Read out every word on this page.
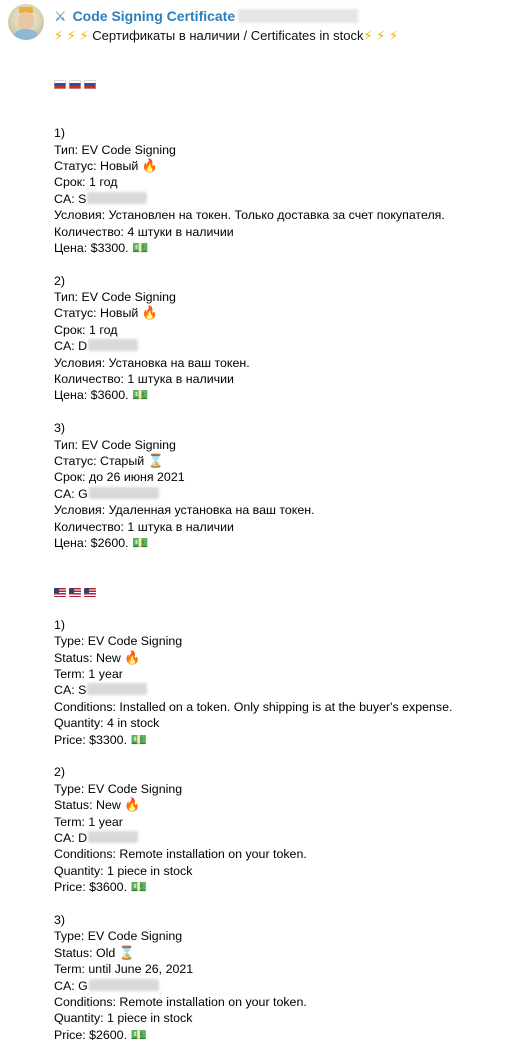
⚔ Code Signing Certificate
⚡ ⚡ ⚡ Сертификаты в наличии / Certificates in stock⚡ ⚡ ⚡
1)
Тип: EV Code Signing
Статус: Новый 🔥
Срок: 1 год
CA: S
Условия: Установлен на токен. Только доставка за счет покупателя.
Количество: 4 штуки в наличии
Цена: $3300. 💵
2)
Тип: EV Code Signing
Статус: Новый 🔥
Срок: 1 год
CA: D
Условия: Установка на ваш токен.
Количество: 1 штука в наличии
Цена: $3600. 💵
3)
Тип: EV Code Signing
Статус: Старый ⌛
Срок: до 26 июня 2021
CA: G
Условия: Удаленная установка на ваш токен.
Количество: 1 штука в наличии
Цена: $2600. 💵
1)
Type: EV Code Signing
Status: New 🔥
Term: 1 year
CA: S
Conditions: Installed on a token. Only shipping is at the buyer's expense.
Quantity: 4 in stock
Price: $3300. 💵
2)
Type: EV Code Signing
Status: New 🔥
Term: 1 year
CA: D
Conditions: Remote installation on your token.
Quantity: 1 piece in stock
Price: $3600. 💵
3)
Type: EV Code Signing
Status: Old ⌛
Term: until June 26, 2021
CA: G
Conditions: Remote installation on your token.
Quantity: 1 piece in stock
Price: $2600. 💵
